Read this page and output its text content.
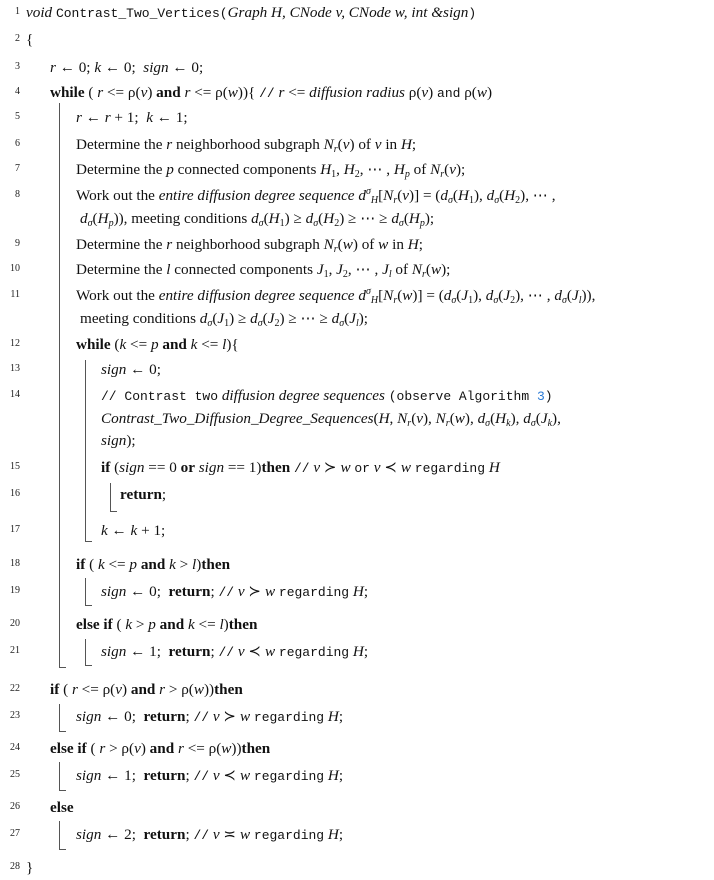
1
2
3
4
5
6
7
8
9
10
11
12
13
14
15
16
17
18
19
20
21
22
23
24
25
26
27
28
void Contrast_Two_Vertices(Graph H, CNode v, CNode w, int &sign)
{
r ← 0; k ← 0;  sign ← 0;
while ( r <= ρ(v) and r <= ρ(w)){ // r <= diffusion radius ρ(v) and ρ(w)
r ← r + 1;  k ← 1;
Determine the r neighborhood subgraph $N_r(v)$ of v in H;
Determine the p connected components $H_1$, $H_2$, ⋯ , $H_p$ of $N_r(v)$;
Work out the entire diffusion degree sequence $d^\sigma_H[N_r(v)] = (d_\sigma(H_1)$, $d_\sigma(H_2)$, ⋯ ,
$d_\sigma(H_p)$), meeting conditions $d_\sigma(H_1) \ge d_\sigma(H_2)$ ≥ ⋯ ≥ $d_\sigma(H_p)$;
Determine the r neighborhood subgraph $N_r(w)$ of w in H;
Determine the l connected components $J_1$, $J_2$, ⋯ , $J_l$ of $N_r(w)$;
Work out the entire diffusion degree sequence $d^\sigma_H[N_r(w)] = (d_\sigma(J_1)$, $d_\sigma(J_2)$, ⋯ , $d_\sigma(J_l)$),
meeting conditions $d_\sigma(J_1) \ge d_\sigma(J_2)$ ≥ ⋯ ≥ $d_\sigma(J_l)$;
while (k <= p and k <= l){
sign ← 0;
// Contrast two diffusion degree sequences (observe Algorithm 3)
Contrast_Two_Diffusion_Degree_Sequences(H, $N_r(v)$, $N_r(w)$, $d_\sigma(H_k)$, $d_\sigma(J_k)$,
sign);
if (sign == 0 or sign == 1)then // v ≻ w or v ≺ w regarding H
return;
k ← k + 1;
if ( k <= p and k > l)then
sign ← 0;  return; // v ≻ w regarding H;
else if ( k > p and k <= l)then
sign ← 1;  return; // v ≺ w regarding H;
if ( r <= ρ(v) and r > ρ(w))then
sign ← 0;  return; // v ≻ w regarding H;
else if ( r > ρ(v) and r <= ρ(w))then
sign ← 1;  return; // v ≺ w regarding H;
else
sign ← 2;  return; // v ≍ w regarding H;
}
